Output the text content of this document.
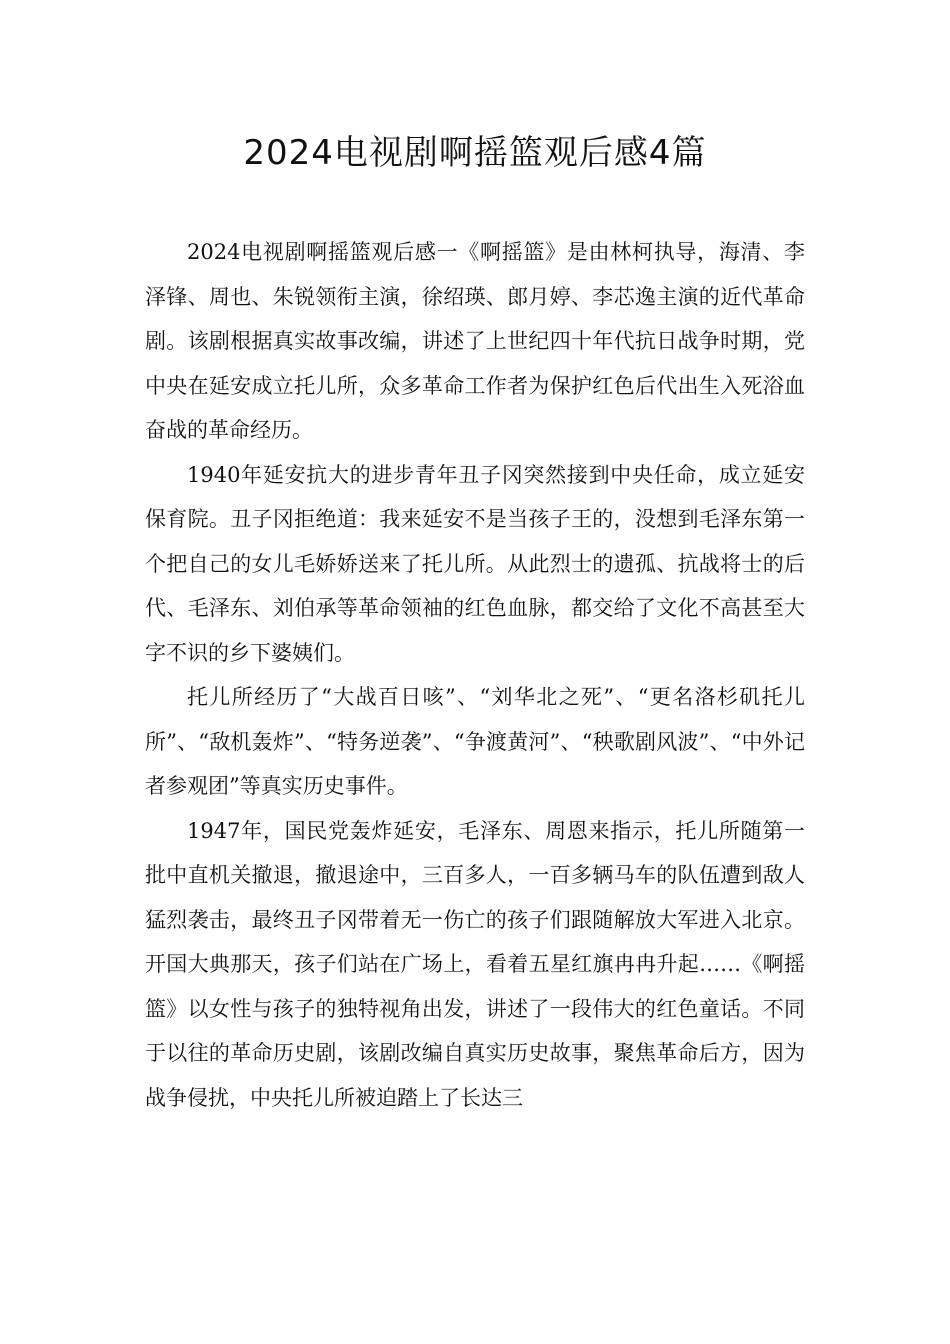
2024电视剧啊摇篮观后感4篇

2024电视剧啊摇篮观后感一《啊摇篮》是由林柯执导，海清、李泽锋、周也、朱锐领衔主演，徐绍瑛、郎月婷、李芯逸主演的近代革命剧。该剧根据真实故事改编，讲述了上世纪四十年代抗日战争时期，党中央在延安成立托儿所，众多革命工作者为保护红色后代出生入死浴血奋战的革命经历。

1940年延安抗大的进步青年丑子冈突然接到中央任命，成立延安保育院。丑子冈拒绝道：我来延安不是当孩子王的，没想到毛泽东第一个把自己的女儿毛娇娇送来了托儿所。从此烈士的遗孤、抗战将士的后代、毛泽东、刘伯承等革命领袖的红色血脉，都交给了文化不高甚至大字不识的乡下婆姨们。

托儿所经历了“大战百日咳”、“刘华北之死”、“更名洛杉矶托儿所”、“敌机轰炸”、“特务逆袭”、“争渡黄河”、“秧歌剧风波”、“中外记者参观团”等真实历史事件。

1947年，国民党轰炸延安，毛泽东、周恩来指示，托儿所随第一批中直机关撤退，撤退途中，三百多人，一百多辆马车的队伍遭到敌人猛烈袭击，最终丑子冈带着无一伤亡的孩子们跟随解放大军进入北京。开国大典那天，孩子们站在广场上，看着五星红旗冉冉升起……《啊摇篮》以女性与孩子的独特视角出发，讲述了一段伟大的红色童话。不同于以往的革命历史剧，该剧改编自真实历史故事，聚焦革命后方，因为战争侵扰，中央托儿所被迫踏上了长达三
